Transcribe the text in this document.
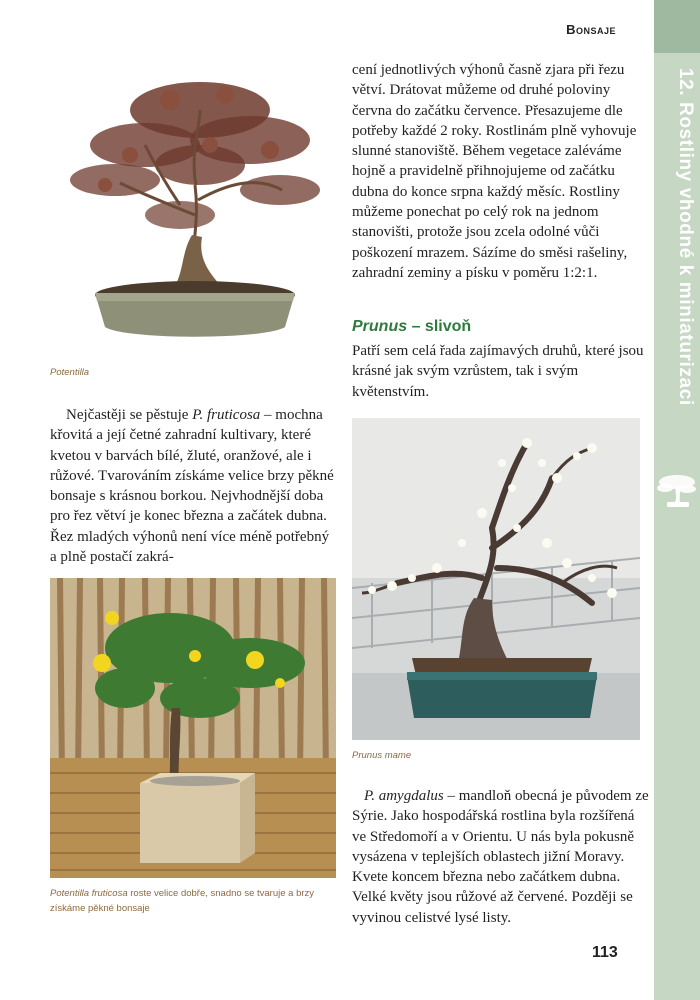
Bonsaje
12. Rostliny vhodné k miniaturizaci
Potentilla

Nejčastěji se pěstuje P. fruticosa – mochna křovitá a její četné zahradní kultivary, které kvetou v barvách bílé, žluté, oranžové, ale i růžové. Tvarováním získáme velice brzy pěkné bonsaje s krásnou borkou. Nejvhodnější doba pro řez větví je konec března a začátek dubna. Řez mladých výhonů není více méně potřebný a plně postačí zakrá-

Potentilla fruticosa roste velice dobře, snadno se tvaruje a brzy získáme pěkné bonsaje

cení jednotlivých výhonů časně zjara při řezu větví. Drátovat můžeme od druhé poloviny června do začátku července. Přesazujeme dle potřeby každé 2 roky. Rostlinám plně vyhovuje slunné stanoviště. Během vegetace zaléváme hojně a pravidelně přihnojujeme od začátku dubna do konce srpna každý měsíc. Rostliny můžeme ponechat po celý rok na jednom stanovišti, protože jsou zcela odolné vůči poškození mrazem. Sázíme do směsi rašeliny, zahradní zeminy a písku v poměru 1:2:1.

Prunus – slivoň

Patří sem celá řada zajímavých druhů, které jsou krásné jak svým vzrůstem, tak i svým květenstvím.

Prunus mame

P. amygdalus – mandloň obecná je původem ze Sýrie. Jako hospodářská rostlina byla rozšířená ve Středomoří a v Orientu. U nás byla pokusně vysázena v teplejších oblastech jižní Moravy. Kvete koncem března nebo začátkem dubna. Velké květy jsou růžové až červené. Později se vyvinou celistvé lysé listy.

113
